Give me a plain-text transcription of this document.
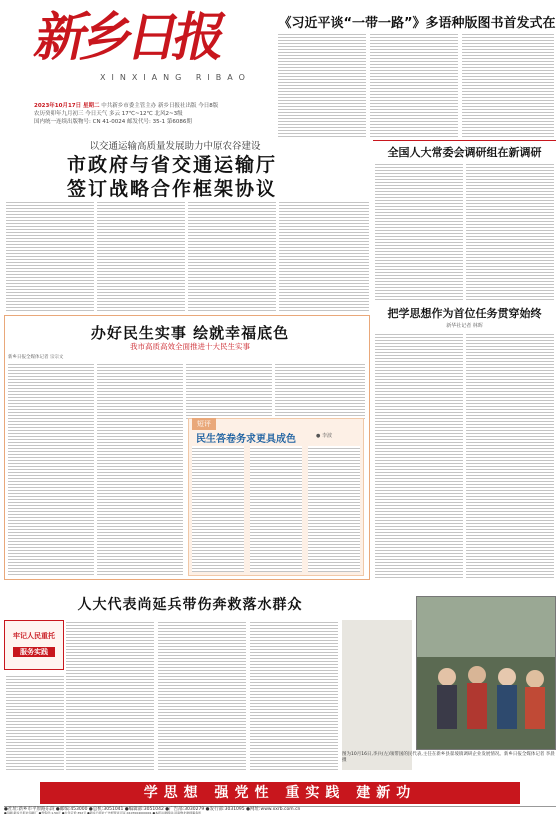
新乡日报
XINXIANG RIBAO
2023年10月17日 星期二 中共新乡市委主管主办 新乡日报社出版 今日8版
农历癸卯年九月初三 今日天气 多云 17℃~12℃ 北风2~3级
国内统一连续出版物号: CN 41-0024 邮发代号: 35-1 第6086期
《习近平谈“一带一路”》多语种版图书首发式在
以交通运输高质量发展助力中原农谷建设
市政府与省交通运输厅
签订战略合作框架协议
全国人大常委会调研组在新调研
把学思想作为首位任务贯穿始终
新华社记者 林晖
办好民生实事 绘就幸福底色
我市高质高效全面推进十大民生实事
新乡日报全媒体记者 宗宗文
短评
民生答卷务求更具成色	● 李波
人大代表尚延兵带伤奔救落水群众
牢记人民重托
服务实践
图为10月16日,李兵(左)领带国的民代表,主任在新乡县翟坡镇调研企业发展情况。新乡日报全媒体记者 李晨 摄
学思想 强党性 重实践 建新功
●社址:新乡市平原路东段 ●邮编:453000 ●总机:3051041 ●编辑部:3051042 ●广告部:3030279 ●发行部:3031095 ●网址:www.xxrb.com.cn
●印刷:新乡日报社印刷厂 ●零售价:1.50元 ●全年定价:352元 ●新乡日报社广告经营许可证:4107004000001 ●本报法律顾问:河南豫北律师事务所
